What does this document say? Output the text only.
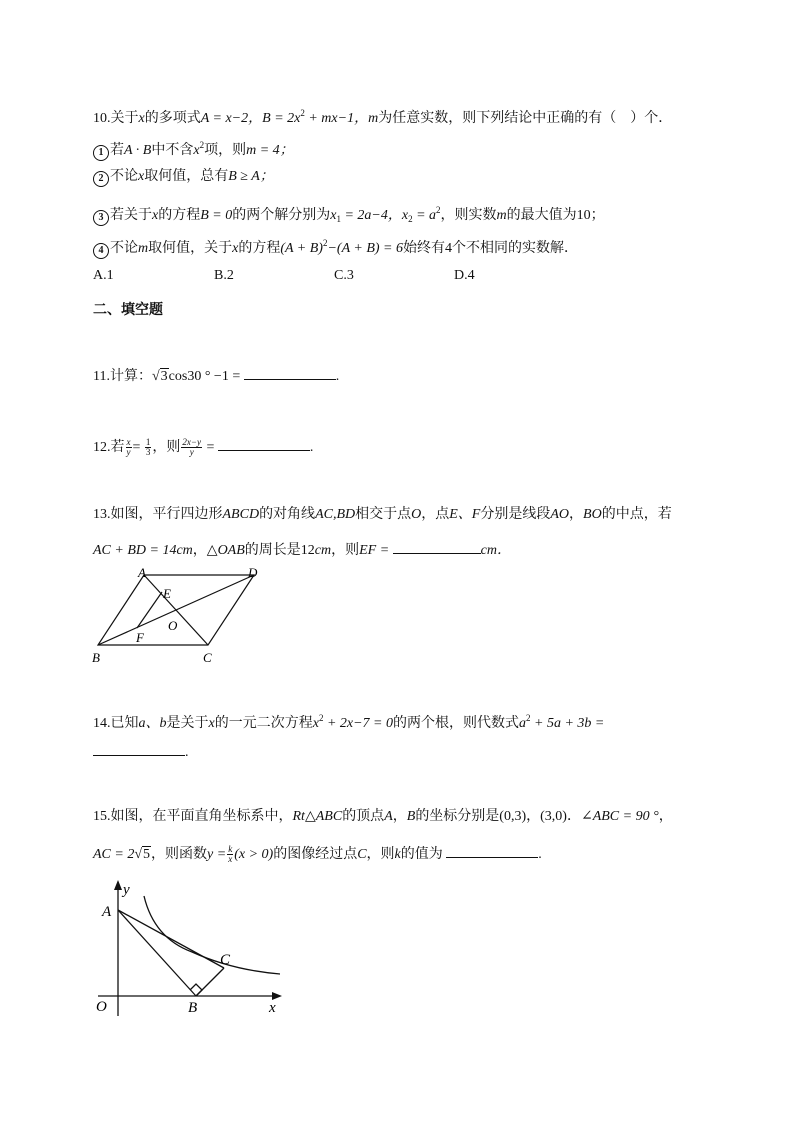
10.关于x的多项式A = x−2，$B = 2x^2 + mx-1$，m为任意实数，则下列结论中正确的有（　）个．
1 若A · B中不含$x^2$项，则m = 4；
2 不论x取何值，总有B ≥ A；
3 若关于x的方程B = 0的两个解分别为$x_1 = 2a-4$，$x_2 = a^2$，则实数m的最大值为10；
4 不论m取何值，关于x的方程$(A + B)^2-(A + B) = 6$始终有4个不相同的实数解．
A.1	B.2	C.3	D.4
二、填空题
11.计算：√3cos30 ° −1 =	.
12.若 $\frac{x}{y} = \frac{1}{3}$ ，则 $\frac{2x-y}{y}$ =	.
13.如图，平行四边形ABCD的对角线AC,BD相交于点O，点E、F分别是线段AO，BO的中点，若
AC + BD = 14cm，△OAB的周长是12cm，则EF =	cm．
A	D
E
O
F
B	C
14.已知a、b是关于x的一元二次方程$x^2 + 2x-7 = 0$的两个根，则代数式$a^2 + 5a + 3b$ =
.
15.如图，在平面直角坐标系中，Rt△ABC的顶点A，B的坐标分别是(0,3)，(3,0)．∠ABC = 90 °，
AC = 2√5，则函数$y = \frac{k}{x} (x > 0)$的图像经过点C，则k的值为	.
A
y
C
O	B	x
